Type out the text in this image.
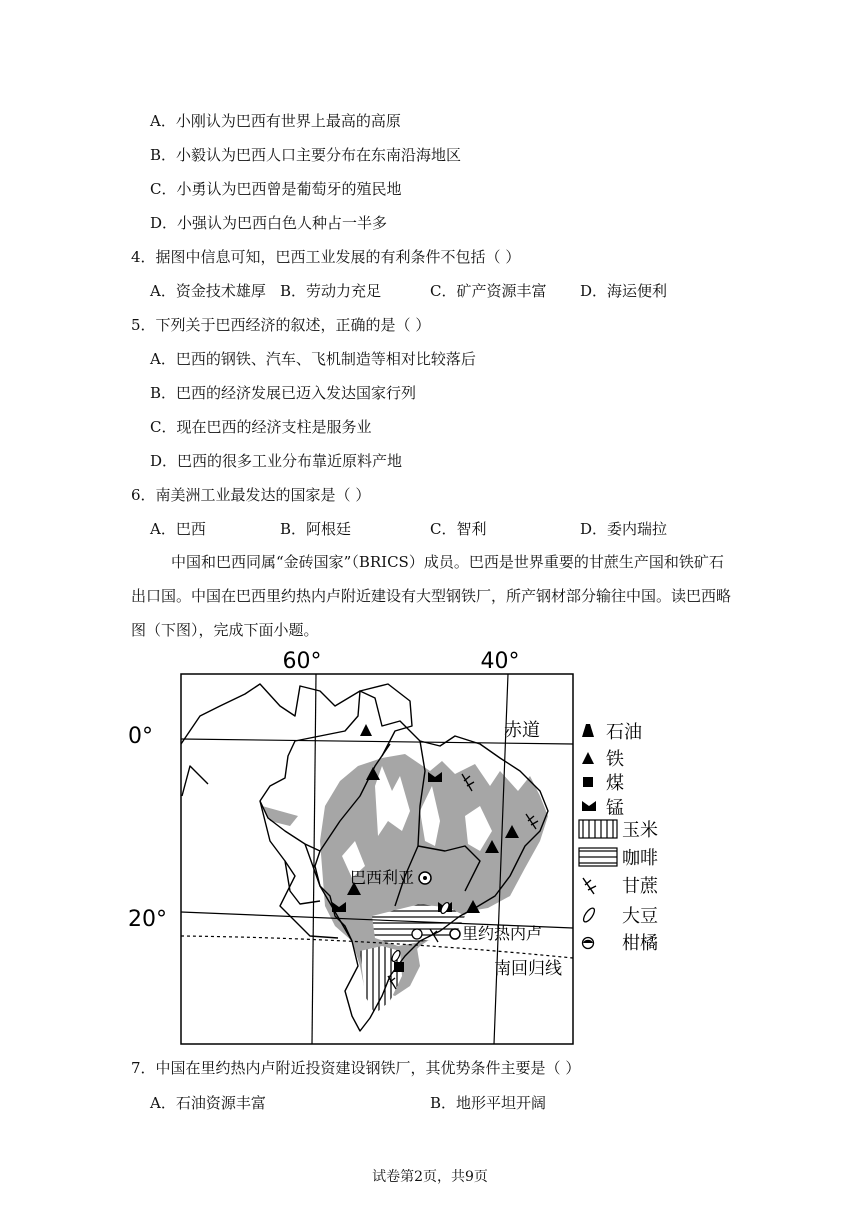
A．小刚认为巴西有世界上最高的高原
B．小毅认为巴西人口主要分布在东南沿海地区
C．小勇认为巴西曾是葡萄牙的殖民地
D．小强认为巴西白色人种占一半多
4．据图中信息可知，巴西工业发展的有利条件不包括（ ）
A．资金技术雄厚 B．劳动力充足	C．矿产资源丰富 D．海运便利
5．下列关于巴西经济的叙述，正确的是（ ）
A．巴西的钢铁、汽车、飞机制造等相对比较落后
B．巴西的经济发展已迈入发达国家行列
C．现在巴西的经济支柱是服务业
D．巴西的很多工业分布靠近原料产地
6．南美洲工业最发达的国家是（ ）
A．巴西	B．阿根廷	C．智利	D．委内瑞拉
中国和巴西同属“金砖国家”（BRICS）成员。巴西是世界重要的甘蔗生产国和铁矿石出口国。中国在巴西里约热内卢附近建设有大型钢铁厂，所产钢材部分输往中国。读巴西略图（下图），完成下面小题。
60°	40°
0°
20°
赤道
南回归线
巴西利亚
里约热内卢
石油
铁
煤
锰
玉米
咖啡
甘蔗
大豆
柑橘
7．中国在里约热内卢附近投资建设钢铁厂，其优势条件主要是（ ）
A．石油资源丰富	B．地形平坦开阔
试卷第2页，共9页
